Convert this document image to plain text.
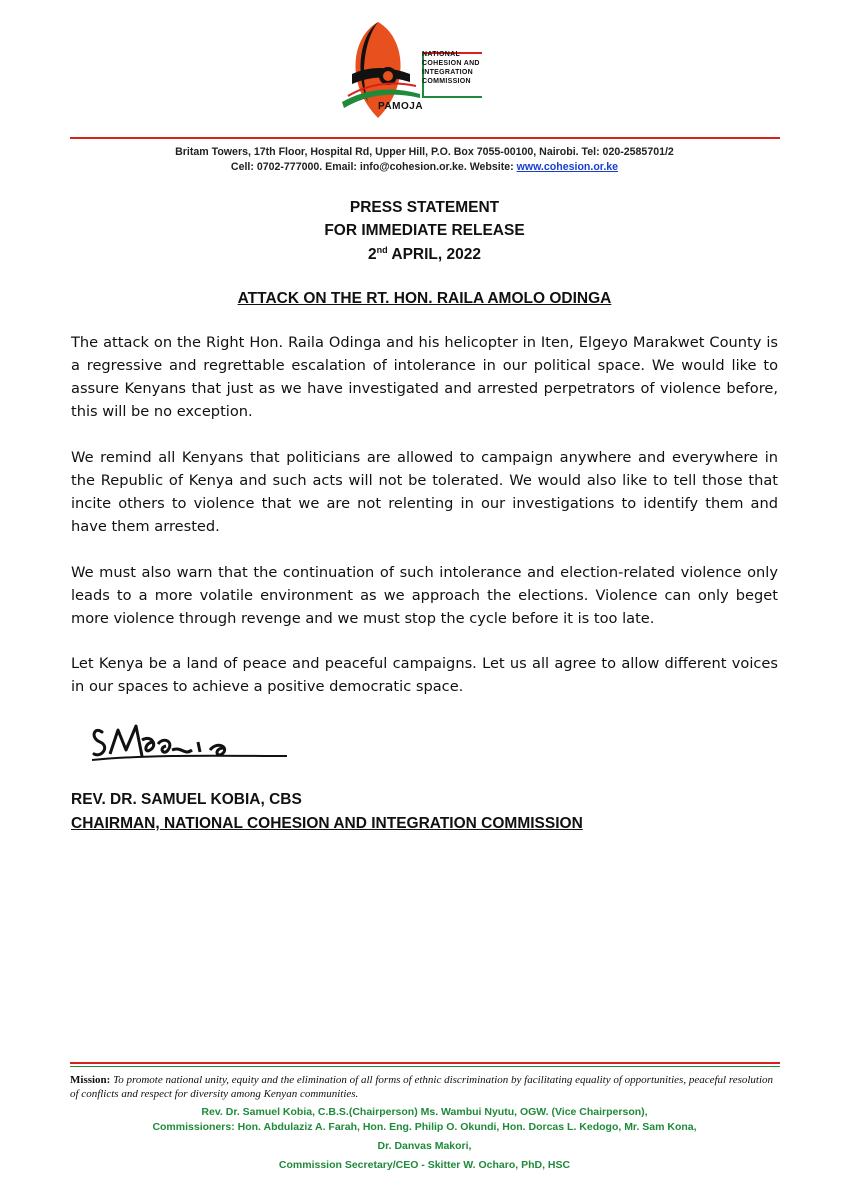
NATIONAL
COHESION AND
INTEGRATION
COMMISSION
PAMOJA
Britam Towers, 17th Floor, Hospital Rd, Upper Hill, P.O. Box 7055-00100, Nairobi. Tel: 020-2585701/2
Cell: 0702-777000. Email: info@cohesion.or.ke. Website: www.cohesion.or.ke
PRESS STATEMENT
FOR IMMEDIATE RELEASE
2nd APRIL, 2022
ATTACK ON THE RT. HON. RAILA AMOLO ODINGA
The attack on the Right Hon. Raila Odinga and his helicopter in Iten, Elgeyo Marakwet County is a regressive and regrettable escalation of intolerance in our political space. We would like to assure Kenyans that just as we have investigated and arrested perpetrators of violence before, this will be no exception.
We remind all Kenyans that politicians are allowed to campaign anywhere and everywhere in the Republic of Kenya and such acts will not be tolerated. We would also like to tell those that incite others to violence that we are not relenting in our investigations to identify them and have them arrested.
We must also warn that the continuation of such intolerance and election-related violence only leads to a more volatile environment as we approach the elections. Violence can only beget more violence through revenge and we must stop the cycle before it is too late.
Let Kenya be a land of peace and peaceful campaigns. Let us all agree to allow different voices in our spaces to achieve a positive democratic space.
REV. DR. SAMUEL KOBIA, CBS
CHAIRMAN, NATIONAL COHESION AND INTEGRATION COMMISSION
Mission: To promote national unity, equity and the elimination of all forms of ethnic discrimination by facilitating equality of opportunities, peaceful resolution of conflicts and respect for diversity among Kenyan communities.
Rev. Dr. Samuel Kobia, C.B.S.(Chairperson) Ms. Wambui Nyutu, OGW. (Vice Chairperson),
Commissioners: Hon. Abdulaziz A. Farah, Hon. Eng. Philip O. Okundi, Hon. Dorcas L. Kedogo, Mr. Sam Kona,
Dr. Danvas Makori,
Commission Secretary/CEO - Skitter W. Ocharo, PhD, HSC
